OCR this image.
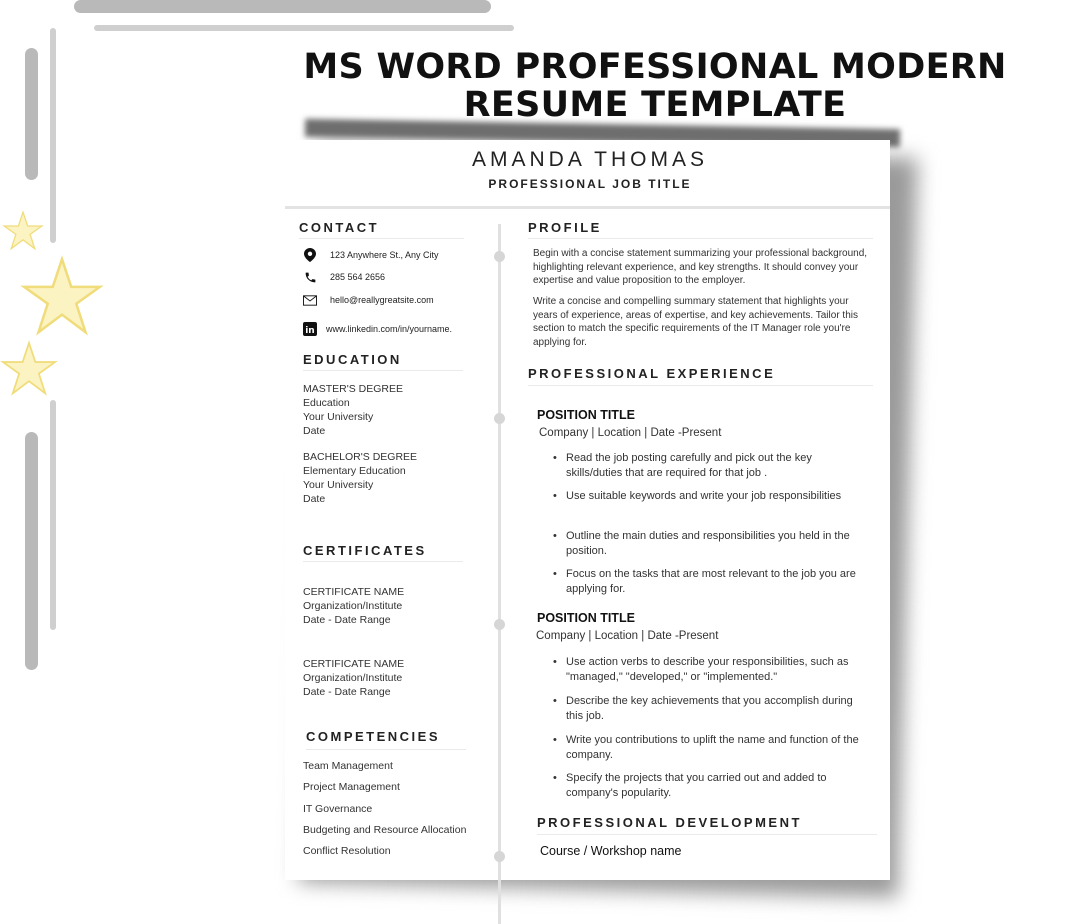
MS WORD PROFESSIONAL MODERN
RESUME TEMPLATE
AMANDA THOMAS
PROFESSIONAL JOB TITLE
CONTACT
123 Anywhere St., Any City
285 564 2656
hello@reallygreatsite.com
in www.linkedin.com/in/yourname.
EDUCATION
MASTER'S DEGREE
Education
Your University
Date
BACHELOR'S DEGREE
Elementary Education
Your University
Date
CERTIFICATES
CERTIFICATE NAME
Organization/Institute
Date - Date Range
CERTIFICATE NAME
Organization/Institute
Date - Date Range
COMPETENCIES
Team Management
Project Management
IT Governance
Budgeting and Resource Allocation
Conflict Resolution
PROFILE
Begin with a concise statement summarizing your professional background, highlighting relevant experience, and key strengths. It should convey your expertise and value proposition to the employer.
Write a concise and compelling summary statement that highlights your years of experience, areas of expertise, and key achievements. Tailor this section to match the specific requirements of the IT Manager role you're applying for.
PROFESSIONAL EXPERIENCE
POSITION TITLE
Company | Location | Date -Present
• Read the job posting carefully and pick out the key skills/duties that are required for that job .
• Use suitable keywords and write your job responsibilities
• Outline the main duties and responsibilities you held in the position.
• Focus on the tasks that are most relevant to the job you are applying for.
POSITION TITLE
Company | Location | Date -Present
• Use action verbs to describe your responsibilities, such as "managed," "developed," or "implemented."
• Describe the key achievements that you accomplish during this job.
• Write you contributions to uplift the name and function of the company.
• Specify the projects that you carried out and added to company's popularity.
PROFESSIONAL DEVELOPMENT
Course / Workshop name
